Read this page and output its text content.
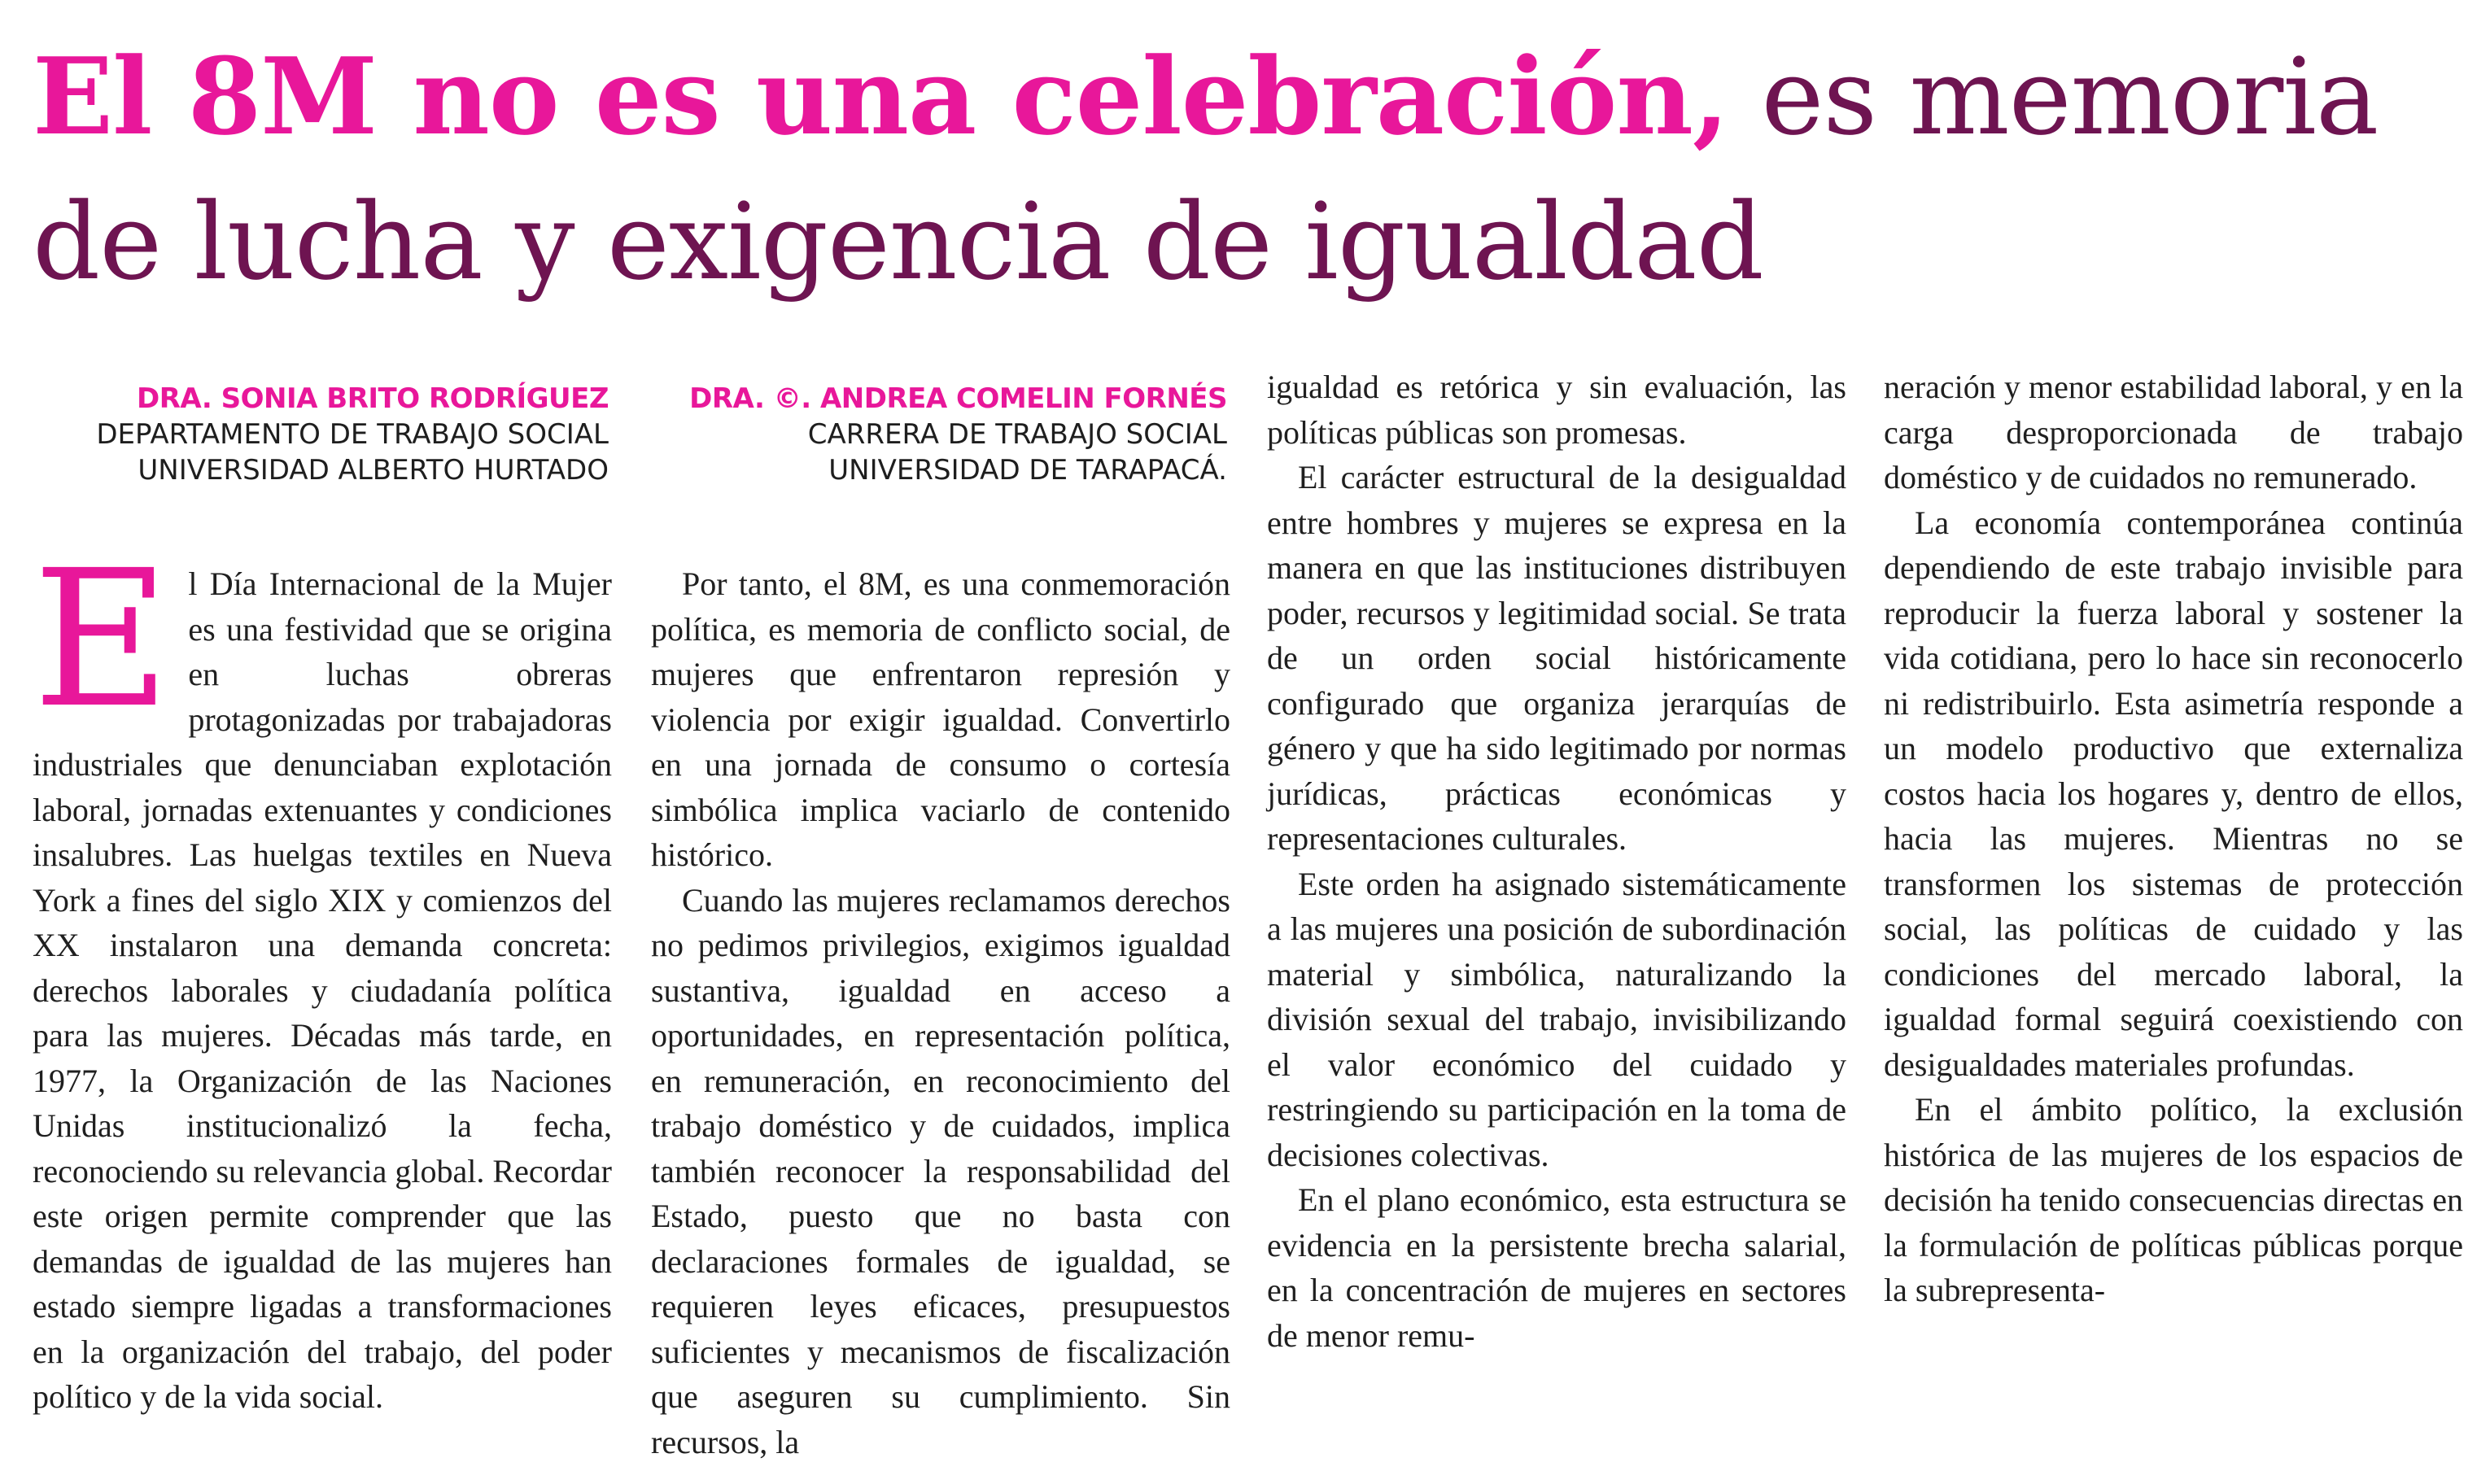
El 8M no es una celebración, es memoria de lucha y exigencia de igualdad
DRA. SONIA BRITO RODRÍGUEZ
DEPARTAMENTO DE TRABAJO SOCIAL
UNIVERSIDAD ALBERTO HURTADO
DRA. ©. ANDREA COMELIN FORNÉS
CARRERA DE TRABAJO SOCIAL
UNIVERSIDAD DE TARAPACÁ.
E l Día Internacional de la Mujer es una festividad que se origina en luchas obreras protagonizadas por trabajadoras industriales que denunciaban explotación laboral, jornadas extenuantes y condiciones insalubres. Las huelgas textiles en Nueva York a fines del siglo XIX y comienzos del XX instalaron una demanda concreta: derechos laborales y ciudadanía política para las mujeres. Décadas más tarde, en 1977, la Organización de las Naciones Unidas institucionalizó la fecha, reconociendo su relevancia global. Recordar este origen permite comprender que las demandas de igualdad de las mujeres han estado siempre ligadas a transformaciones en la organización del trabajo, del poder político y de la vida social.

Por tanto, el 8M, es una conmemoración política, es memoria de conflicto social, de mujeres que enfrentaron represión y violencia por exigir igualdad. Convertirlo en una jornada de consumo o cortesía simbólica implica vaciarlo de contenido histórico.

Cuando las mujeres reclamamos derechos no pedimos privilegios, exigimos igualdad sustantiva, igualdad en acceso a oportunidades, en representación política, en remuneración, en reconocimiento del trabajo doméstico y de cuidados, implica también reconocer la responsabilidad del Estado, puesto que no basta con declaraciones formales de igualdad, se requieren leyes eficaces, presupuestos suficientes y mecanismos de fiscalización que aseguren su cumplimiento. Sin recursos, la

igualdad es retórica y sin evaluación, las políticas públicas son promesas.

El carácter estructural de la desigualdad entre hombres y mujeres se expresa en la manera en que las instituciones distribuyen poder, recursos y legitimidad social. Se trata de un orden social históricamente configurado que organiza jerarquías de género y que ha sido legitimado por normas jurídicas, prácticas económicas y representaciones culturales.

Este orden ha asignado sistemáticamente a las mujeres una posición de subordinación material y simbólica, naturalizando la división sexual del trabajo, invisibilizando el valor económico del cuidado y restringiendo su participación en la toma de decisiones colectivas.

En el plano económico, esta estructura se evidencia en la persistente brecha salarial, en la concentración de mujeres en sectores de menor remu-

neración y menor estabilidad laboral, y en la carga desproporcionada de trabajo doméstico y de cuidados no remunerado.

La economía contemporánea continúa dependiendo de este trabajo invisible para reproducir la fuerza laboral y sostener la vida cotidiana, pero lo hace sin reconocerlo ni redistribuirlo. Esta asimetría responde a un modelo productivo que externaliza costos hacia los hogares y, dentro de ellos, hacia las mujeres. Mientras no se transformen los sistemas de protección social, las políticas de cuidado y las condiciones del mercado laboral, la igualdad formal seguirá coexistiendo con desigualdades materiales profundas.

En el ámbito político, la exclusión histórica de las mujeres de los espacios de decisión ha tenido consecuencias directas en la formulación de políticas públicas porque la subrepresenta-
